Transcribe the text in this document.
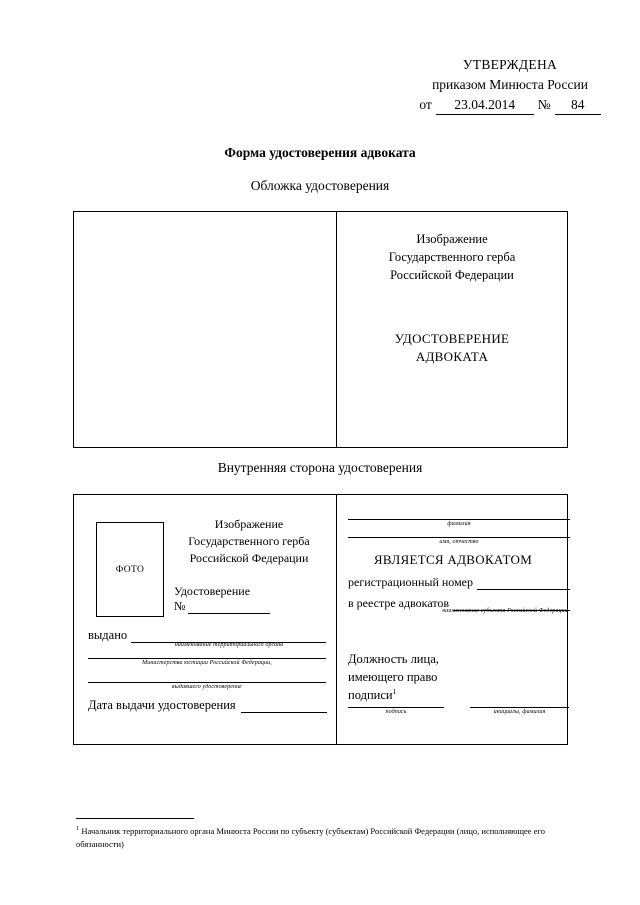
УТВЕРЖДЕНА
приказом Минюста России
от	23.04.2014	№	84
Форма удостоверения адвоката
Обложка удостоверения
Изображение
Государственного герба
Российской Федерации
УДОСТОВЕРЕНИЕ
АДВОКАТА
Внутренняя сторона удостоверения
ФОТО
Изображение
Государственного герба
Российской Федерации
Удостоверение
№
выдано
наименование территориального органа
Министерства юстиции Российской Федерации,
выдавшего удостоверение
Дата выдачи удостоверения
фамилия
имя, отчество
ЯВЛЯЕТСЯ АДВОКАТОМ
регистрационный номер
в реестре адвокатов
наименование субъекта Российской Федерации
Должность лица,
имеющего право
подписи$^1$
подпись	инициалы, фамилия
$^1$ Начальник территориального органа Минюста России по субъекту (субъектам) Российской Федерации (лицо, исполняющее его обязанности)
